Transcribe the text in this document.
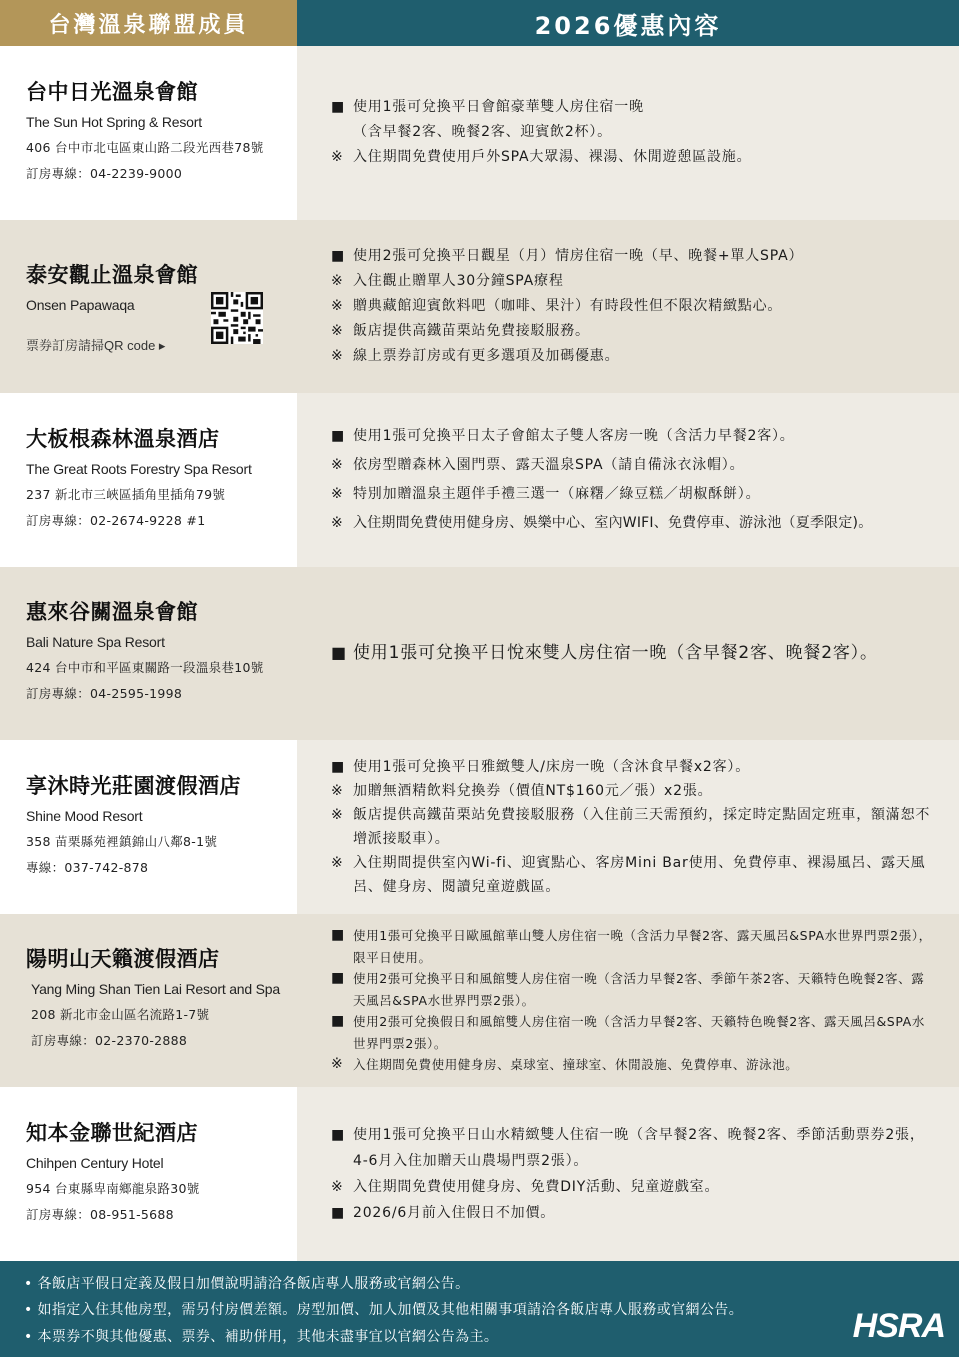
台灣溫泉聯盟成員	2026優惠內容
台中日光溫泉會館
The Sun Hot Spring & Resort
406 台中市北屯區東山路二段光西巷78號
訂房專線：04-2239-9000
■ 使用1張可兌換平日會館豪華雙人房住宿一晚
（含早餐2客、晚餐2客、迎賓飲2杯）。
※ 入住期間免費使用戶外SPA大眾湯、裸湯、休閒遊憩區設施。
泰安觀止溫泉會館
Onsen Papawaqa
票券訂房請掃QR code ▸
■ 使用2張可兌換平日觀星（月）情房住宿一晚（早、晚餐+單人SPA）
※ 入住觀止贈單人30分鐘SPA療程
※ 贈典藏館迎賓飲料吧（咖啡、果汁）有時段性但不限次精緻點心。
※ 飯店提供高鐵苗栗站免費接駁服務。
※ 線上票券訂房或有更多選項及加碼優惠。
大板根森林溫泉酒店
The Great Roots Forestry Spa Resort
237 新北市三峽區插角里插角79號
訂房專線：02-2674-9228 #1
■ 使用1張可兌換平日太子會館太子雙人客房一晚（含活力早餐2客）。
※ 依房型贈森林入園門票、露天溫泉SPA（請自備泳衣泳帽）。
※ 特別加贈溫泉主題伴手禮三選一（麻糬／綠豆糕／胡椒酥餅）。
※ 入住期間免費使用健身房、娛樂中心、室內WIFI、免費停車、游泳池（夏季限定)。
惠來谷關溫泉會館
Bali Nature Spa Resort
424 台中市和平區東關路一段溫泉巷10號
訂房專線：04-2595-1998
■ 使用1張可兌換平日悅來雙人房住宿一晚（含早餐2客、晚餐2客）。
享沐時光莊園渡假酒店
Shine Mood Resort
358 苗栗縣苑裡鎮錦山八鄰8-1號
專線：037-742-878
■ 使用1張可兌換平日雅緻雙人/床房一晚（含沐食早餐x2客）。
※ 加贈無酒精飲料兌換券（價值NT$160元／張）x2張。
※ 飯店提供高鐵苗栗站免費接駁服務（入住前三天需預約，採定時定點固定班車，額滿恕不增派接駁車）。
※ 入住期間提供室內Wi-fi、迎賓點心、客房Mini Bar使用、免費停車、裸湯風呂、露天風呂、健身房、閱讀兒童遊戲區。
陽明山天籟渡假酒店
Yang Ming Shan Tien Lai Resort and Spa
208 新北市金山區名流路1-7號
訂房專線：02-2370-2888
■ 使用1張可兌換平日歐風館華山雙人房住宿一晚（含活力早餐2客、露天風呂&SPA水世界門票2張），限平日使用。
■ 使用2張可兌換平日和風館雙人房住宿一晚（含活力早餐2客、季節午茶2客、天籟特色晚餐2客、露天風呂&SPA水世界門票2張）。
■ 使用2張可兌換假日和風館雙人房住宿一晚（含活力早餐2客、天籟特色晚餐2客、露天風呂&SPA水世界門票2張）。
※ 入住期間免費使用健身房、桌球室、撞球室、休閒設施、免費停車、游泳池。
知本金聯世紀酒店
Chihpen Century Hotel
954 台東縣卑南鄉龍泉路30號
訂房專線：08-951-5688
■ 使用1張可兌換平日山水精緻雙人住宿一晚（含早餐2客、晚餐2客、季節活動票券2張，4-6月入住加贈天山農場門票2張）。
※ 入住期間免費使用健身房、免費DIY活動、兒童遊戲室。
■ 2026/6月前入住假日不加價。
• 各飯店平假日定義及假日加價說明請洽各飯店專人服務或官網公告。
• 如指定入住其他房型，需另付房價差額。房型加價、加人加價及其他相關事項請洽各飯店專人服務或官網公告。
• 本票券不與其他優惠、票券、補助併用，其他未盡事宜以官網公告為主。	HSRA
